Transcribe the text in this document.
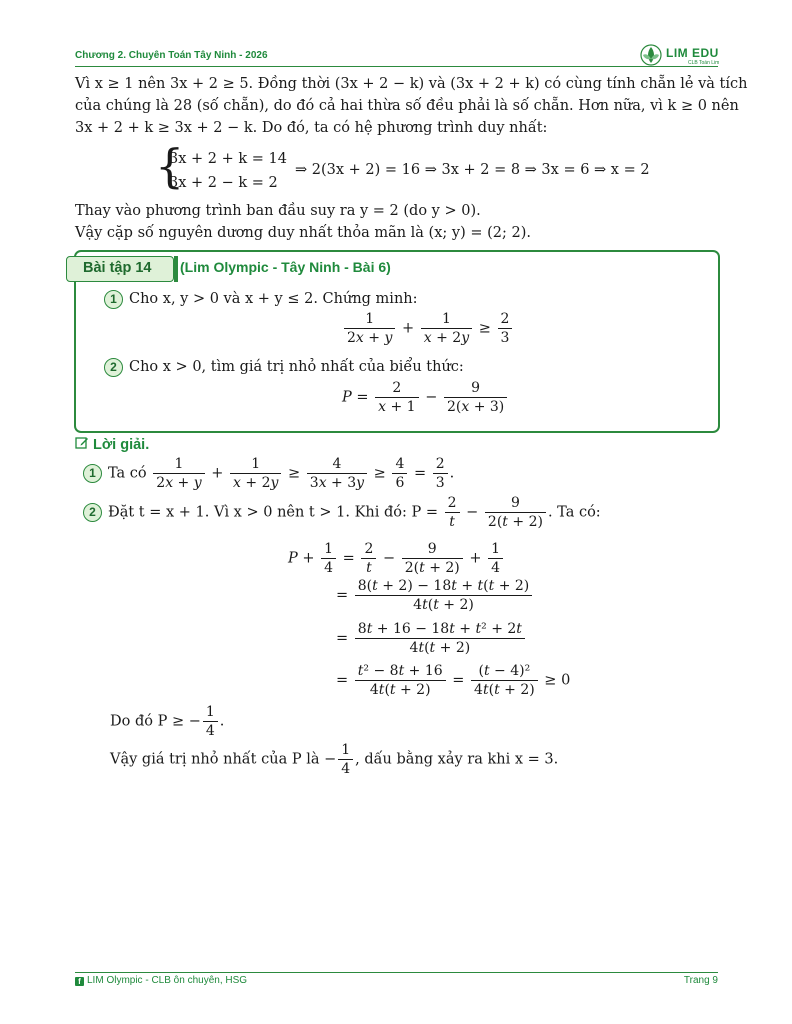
Chương 2. Chuyên Toán Tây Ninh - 2026	LIM EDU
CLB Toán Lim
Vì x ≥ 1 nên 3x + 2 ≥ 5. Đồng thời (3x + 2 − k) và (3x + 2 + k) có cùng tính chẵn lẻ và tích
của chúng là 28 (số chẵn), do đó cả hai thừa số đều phải là số chẵn. Hơn nữa, vì k ≥ 0 nên
3x + 2 + k ≥ 3x + 2 − k. Do đó, ta có hệ phương trình duy nhất:
{
3x + 2 + k = 14
3x + 2 − k = 2
⇒ 2(3x + 2) = 16 ⇒ 3x + 2 = 8 ⇒ 3x = 6 ⇒ x = 2
Thay vào phương trình ban đầu suy ra y = 2 (do y > 0).
Vậy cặp số nguyên dương duy nhất thỏa mãn là (x; y) = (2; 2).
Bài tập 14 (Lim Olympic - Tây Ninh - Bài 6)
1 Cho x, y > 0 và x + y ≤ 2. Chứng minh:
$\frac{1}{2x + y} + \frac{1}{x + 2y} \ge \frac{2}{3}$
2 Cho x > 0, tìm giá trị nhỏ nhất của biểu thức:
$P = \frac{2}{x + 1} - \frac{9}{2(x + 3)}$
Lời giải.
1 Ta có $\frac{1}{2x + y} + \frac{1}{x + 2y} \ge \frac{4}{3x + 3y} \ge \frac{4}{6} = \frac{2}{3}$ .
2 Đặt t = x + 1. Vì x > 0 nên t > 1. Khi đó: $P = \frac{2}{t} - \frac{9}{2(t + 2)}$ . Ta có:
$P + \frac{1}{4} = \frac{2}{t} - \frac{9}{2(t + 2)} + \frac{1}{4}$
= $\frac{8(t + 2) - 18t + t(t + 2)}{4t(t + 2)}$
= $\frac{\text{8t + 16 − 18t + t² + 2t}}{4t(t + 2)}$
= $\frac{\text{t² − 8t + 16}}{4t(t + 2)} = \frac{\text{(t − 4)²}}{4t(t + 2)} \ge 0$
Do đó P ≥ − $\frac{1}{4}$ .
Vậy giá trị nhỏ nhất của P là − $\frac{1}{4}$ , dấu bằng xảy ra khi x = 3.
f LIM Olympic - CLB ôn chuyên, HSG	Trang 9
